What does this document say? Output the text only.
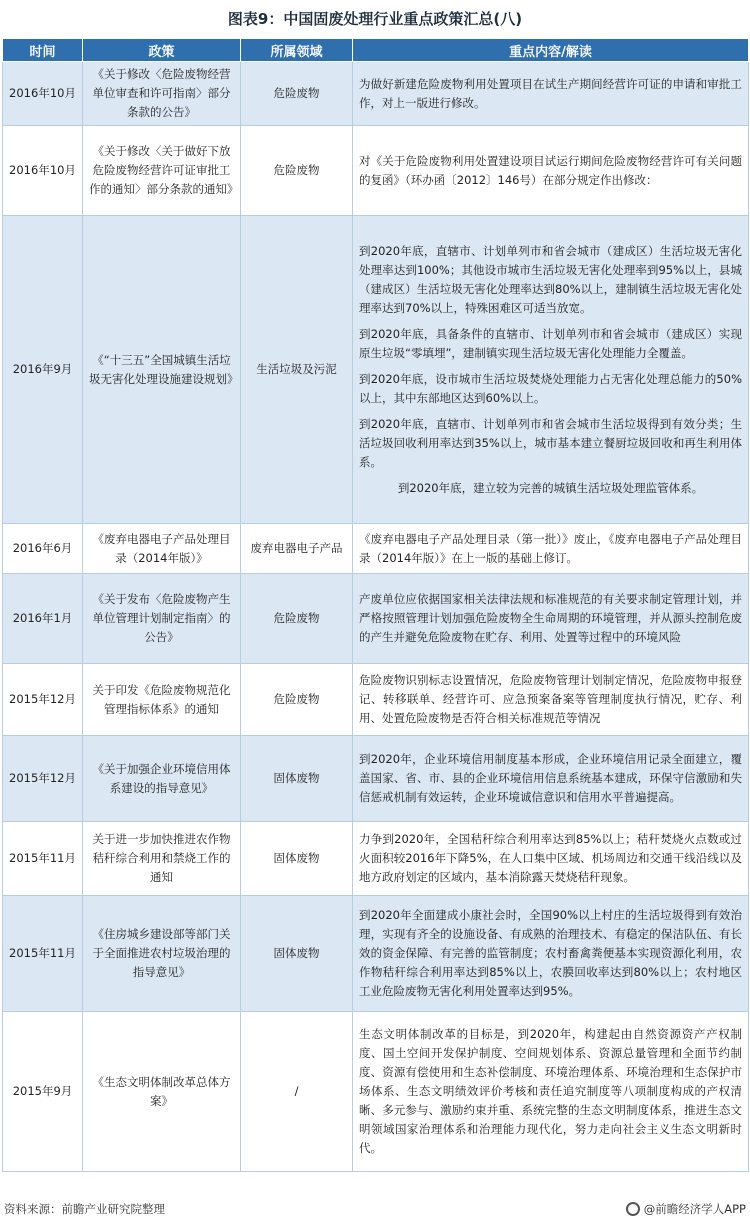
图表9：中国固废处理行业重点政策汇总(八)
时间	政策	所属领域	重点内容/解读
2016年10月	《关于修改〈危险废物经营单位审查和许可指南〉部分条款的公告》	危险废物	为做好新建危险废物利用处置项目在试生产期间经营许可证的申请和审批工作，对上一版进行修改。

2016年10月	《关于修改〈关于做好下放危险废物经营许可证审批工作的通知〉部分条款的通知》	危险废物	对《关于危险废物利用处置建设项目试运行期间危险废物经营许可有关问题的复函》（环办函〔2012〕146号）在部分规定作出修改：

2016年9月	《“十三五”全国城镇生活垃圾无害化处理设施建设规划》	生活垃圾及污泥	到2020年底，直辖市、计划单列市和省会城市（建成区）生活垃圾无害化处理率达到100%；其他设市城市生活垃圾无害化处理率到95%以上，县城（建成区）生活垃圾无害化处理率达到80%以上，建制镇生活垃圾无害化处理率达到70%以上，特殊困难区可适当放宽。
到2020年底，具备条件的直辖市、计划单列市和省会城市（建成区）实现原生垃圾“零填埋”，建制镇实现生活垃圾无害化处理能力全覆盖。
到2020年底，设市城市生活垃圾焚烧处理能力占无害化处理总能力的50%以上，其中东部地区达到60%以上。
到2020年底，直辖市、计划单列市和省会城市生活垃圾得到有效分类；生活垃圾回收利用率达到35%以上，城市基本建立餐厨垃圾回收和再生利用体系。
到2020年底，建立较为完善的城镇生活垃圾处理监管体系。

2016年6月	《废弃电器电子产品处理目录（2014年版）》	废弃电器电子产品	《废弃电器电子产品处理目录（第一批）》废止，《废弃电器电子产品处理目录（2014年版）》在上一版的基础上修订。

2016年1月	《关于发布〈危险废物产生单位管理计划制定指南〉的公告》	危险废物	产废单位应依据国家相关法律法规和标准规范的有关要求制定管理计划，并严格按照管理计划加强危险废物全生命周期的环境管理，并从源头控制危废的产生并避免危险废物在贮存、利用、处置等过程中的环境风险

2015年12月	关于印发《危险废物规范化管理指标体系》的通知	危险废物	危险废物识别标志设置情况，危险废物管理计划制定情况，危险废物申报登记、转移联单、经营许可、应急预案备案等管理制度执行情况，贮存、利用、处置危险废物是否符合相关标准规范等情况

2015年12月	《关于加强企业环境信用体系建设的指导意见》	固体废物	到2020年，企业环境信用制度基本形成，企业环境信用记录全面建立，覆盖国家、省、市、县的企业环境信用信息系统基本建成，环保守信激励和失信惩戒机制有效运转，企业环境诚信意识和信用水平普遍提高。

2015年11月	关于进一步加快推进农作物秸秆综合利用和禁烧工作的通知	固体废物	力争到2020年，全国秸秆综合利用率达到85%以上；秸秆焚烧火点数或过火面积较2016年下降5%，在人口集中区域、机场周边和交通干线沿线以及地方政府划定的区域内，基本消除露天焚烧秸秆现象。

2015年11月	《住房城乡建设部等部门关于全面推进农村垃圾治理的指导意见》	固体废物	到2020年全面建成小康社会时，全国90%以上村庄的生活垃圾得到有效治理，实现有齐全的设施设备、有成熟的治理技术、有稳定的保洁队伍、有长效的资金保障、有完善的监管制度；农村畜禽粪便基本实现资源化利用，农作物秸秆综合利用率达到85%以上，农膜回收率达到80%以上；农村地区工业危险废物无害化利用处置率达到95%。

2015年9月	《生态文明体制改革总体方案》	/	生态文明体制改革的目标是，到2020年，构建起由自然资源资产产权制度、国土空间开发保护制度、空间规划体系、资源总量管理和全面节约制度、资源有偿使用和生态补偿制度、环境治理体系、环境治理和生态保护市场体系、生态文明绩效评价考核和责任追究制度等八项制度构成的产权清晰、多元参与、激励约束并重、系统完整的生态文明制度体系，推进生态文明领域国家治理体系和治理能力现代化，努力走向社会主义生态文明新时代。
资料来源：前瞻产业研究院整理	@前瞻经济学人APP
